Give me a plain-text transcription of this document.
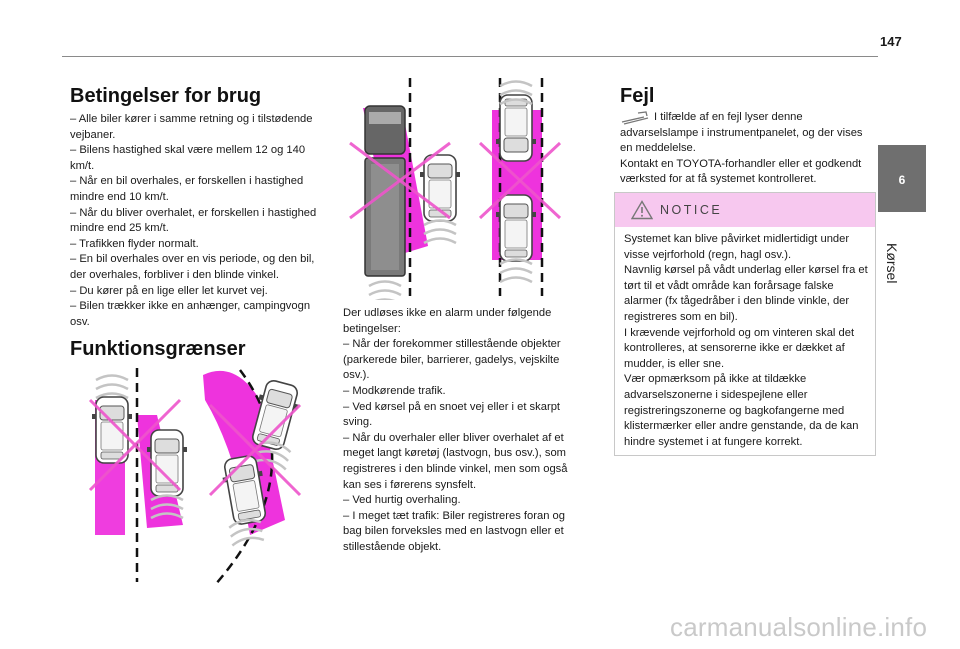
147
6
Kørsel
Betingelser for brug

– Alle biler kører i samme retning og i tilstødende vejbaner.

– Bilens hastighed skal være mellem 12 og 140 km/t.

– Når en bil overhales, er forskellen i hastighed mindre end 10 km/t.

– Når du bliver overhalet, er forskellen i hastighed mindre end 25 km/t.

– Trafikken flyder normalt.

– En bil overhales over en vis periode, og den bil, der overhales, forbliver i den blinde vinkel.

– Du kører på en lige eller let kurvet vej.

– Bilen trækker ikke en anhænger, campingvogn osv.

Funktionsgrænser

Der udløses ikke en alarm under følgende betingelser:

– Når der forekommer stillestående objekter (parkerede biler, barrierer, gadelys, vejskilte osv.).

– Modkørende trafik.

– Ved kørsel på en snoet vej eller i et skarpt sving.

– Når du overhaler eller bliver overhalet af et meget langt køretøj (lastvogn, bus osv.), som registreres i den blinde vinkel, men som også kan ses i førerens synsfelt.

– Ved hurtig overhaling.

– I meget tæt trafik: Biler registreres foran og bag bilen forveksles med en lastvogn eller et stillestående objekt.

Fejl

I tilfælde af en fejl lyser denne advarselslampe i instrumentpanelet, og der vises en meddelelse.

Kontakt en TOYOTA-forhandler eller et godkendt værksted for at få systemet kontrolleret.

NOTICE

Systemet kan blive påvirket midlertidigt under visse vejrforhold (regn, hagl osv.).

Navnlig kørsel på vådt underlag eller kørsel fra et tørt til et vådt område kan forårsage falske alarmer (fx tågedråber i den blinde vinkle, der registreres som en bil).

I krævende vejrforhold og om vinteren skal det kontrolleres, at sensorerne ikke er dækket af mudder, is eller sne.

Vær opmærksom på ikke at tildække advarselszonerne i sidespejlene eller registreringszonerne og bagkofangerne med klistermærker eller andre genstande, da de kan hindre systemet i at fungere korrekt.

carmanualsonline.info
